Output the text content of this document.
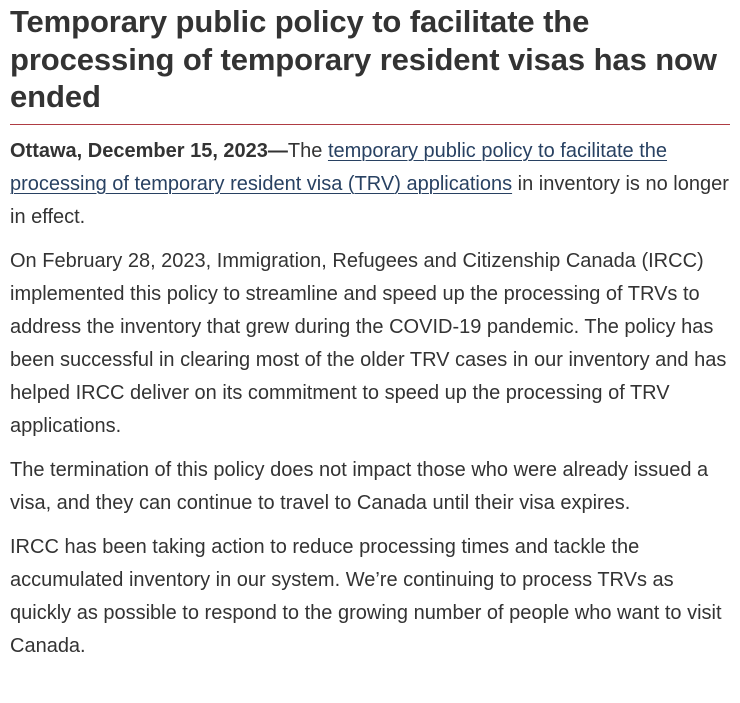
Temporary public policy to facilitate the processing of temporary resident visas has now ended

Ottawa, December 15, 2023—The temporary public policy to facilitate the processing of temporary resident visa (TRV) applications in inventory is no longer in effect.

On February 28, 2023, Immigration, Refugees and Citizenship Canada (IRCC) implemented this policy to streamline and speed up the processing of TRVs to address the inventory that grew during the COVID-19 pandemic. The policy has been successful in clearing most of the older TRV cases in our inventory and has helped IRCC deliver on its commitment to speed up the processing of TRV applications.

The termination of this policy does not impact those who were already issued a visa, and they can continue to travel to Canada until their visa expires.

IRCC has been taking action to reduce processing times and tackle the accumulated inventory in our system. We’re continuing to process TRVs as quickly as possible to respond to the growing number of people who want to visit Canada.
